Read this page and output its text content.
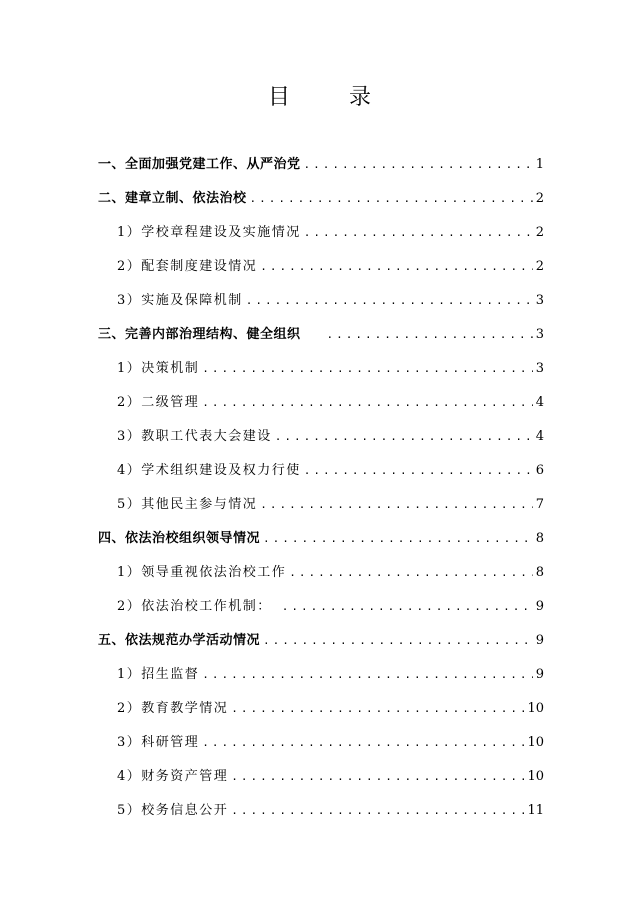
目 录
一、全面加强党建工作、从严治党 .....	1
二、建章立制、依法治校 .....	2
1）学校章程建设及实施情况 .....	2
2）配套制度建设情况 .....	2
3）实施及保障机制 .....	3
三、完善内部治理结构、健全组织 .....	3
1）决策机制 .....	3
2）二级管理 .....	4
3）教职工代表大会建设 .....	4
4）学术组织建设及权力行使 .....	6
5）其他民主参与情况 .....	7
四、依法治校组织领导情况 .....	8
1）领导重视依法治校工作 .....	8
2）依法治校工作机制： .....	9
五、依法规范办学活动情况 .....	9
1）招生监督 .....	9
2）教育教学情况 .....	10
3）科研管理 .....	10
4）财务资产管理 .....	10
5）校务信息公开 .....	11
